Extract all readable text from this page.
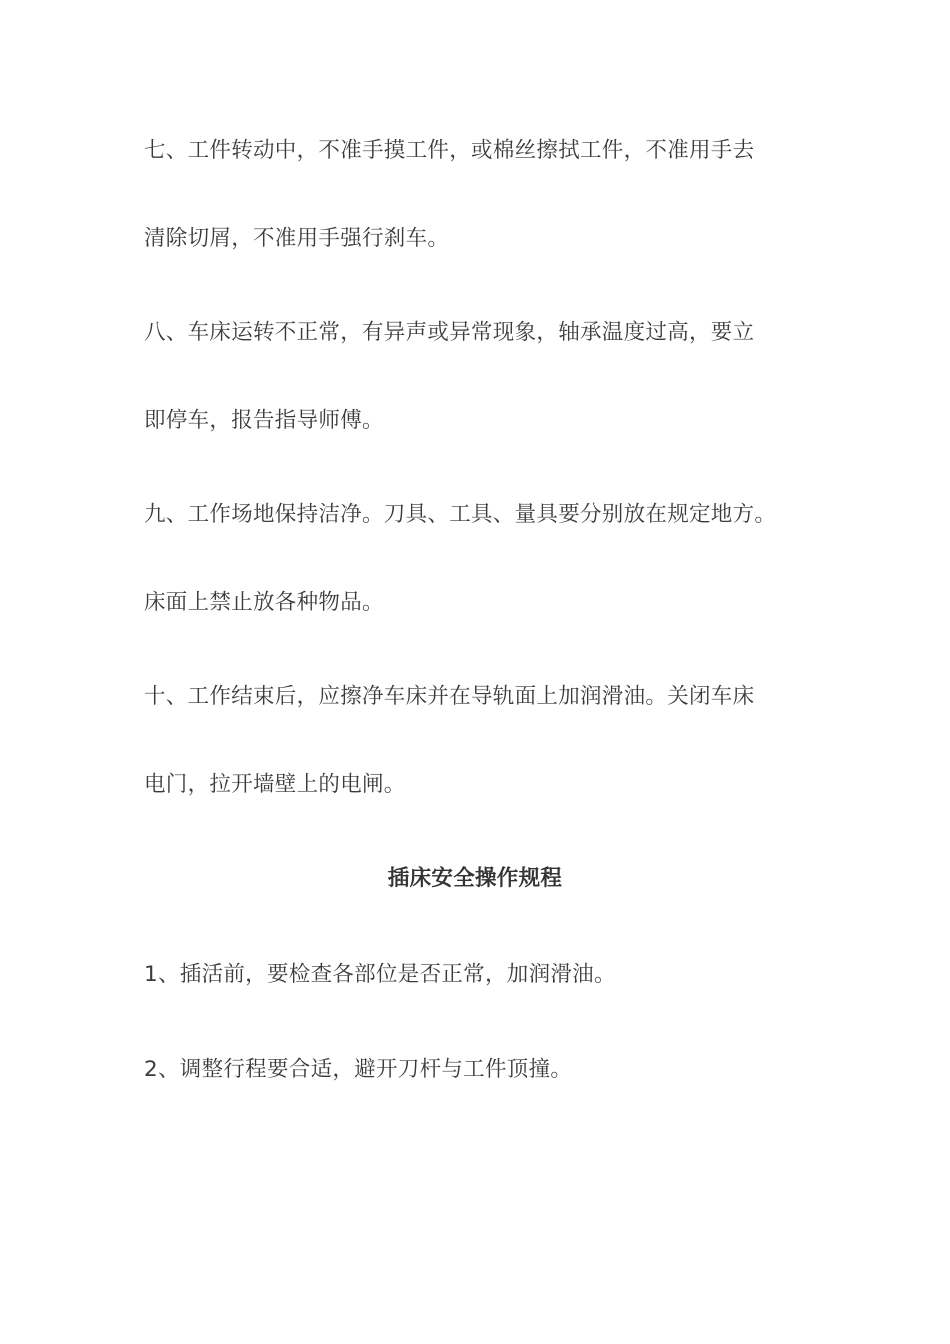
七、工件转动中，不准手摸工件，或棉丝擦拭工件，不准用手去
清除切屑，不准用手强行刹车。
八、车床运转不正常，有异声或异常现象，轴承温度过高，要立
即停车，报告指导师傅。
九、工作场地保持洁净。刀具、工具、量具要分别放在规定地方。
床面上禁止放各种物品。
十、工作结束后，应擦净车床并在导轨面上加润滑油。关闭车床
电门，拉开墙壁上的电闸。
插床安全操作规程
1、插活前，要检查各部位是否正常，加润滑油。
2、调整行程要合适，避开刀杆与工件顶撞。
